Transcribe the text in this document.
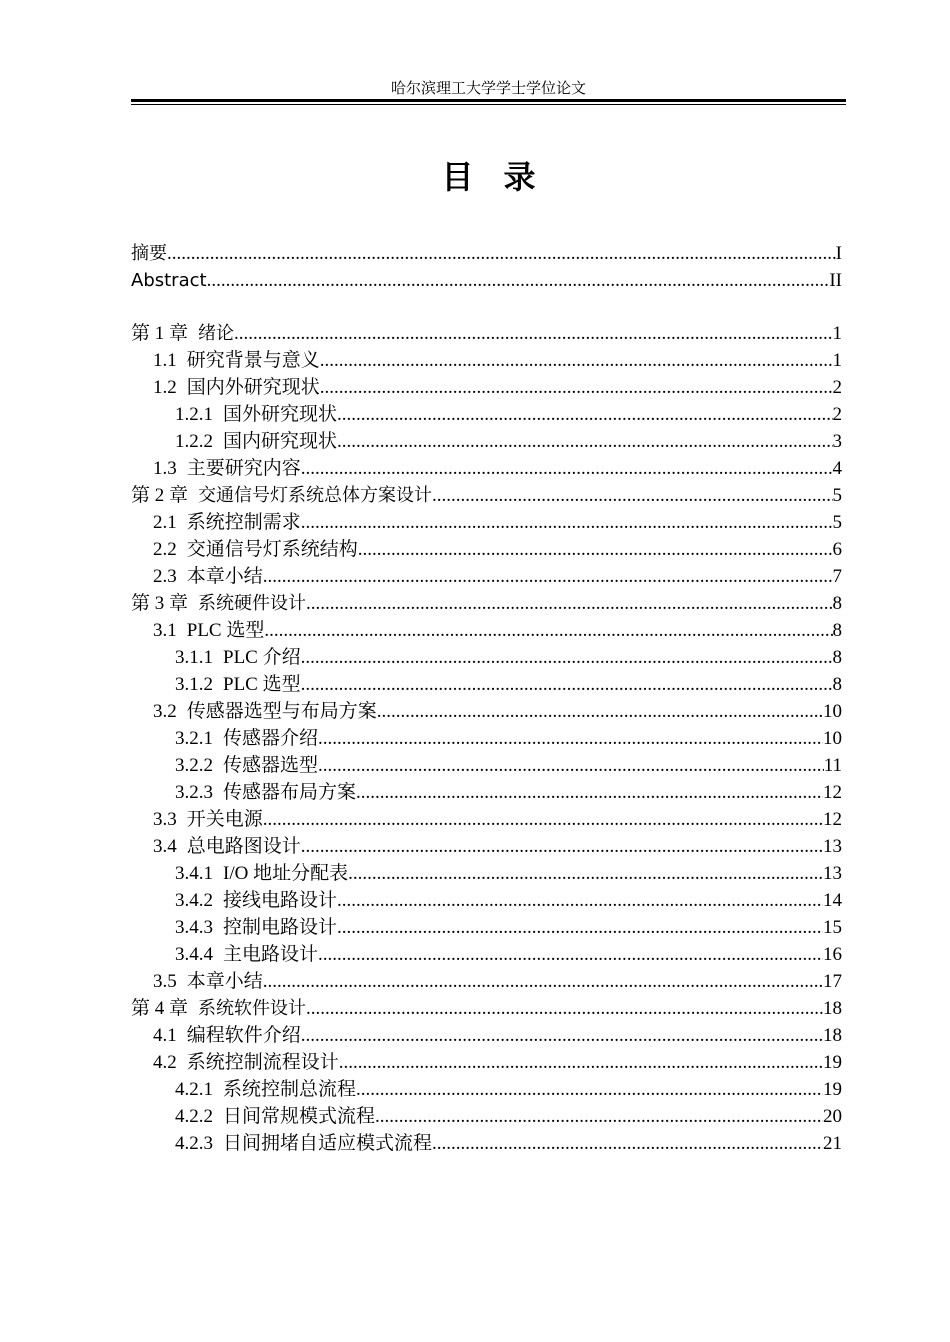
哈尔滨理工大学学士学位论文
目录
摘要 .....	I
Abstract .....	II
第 1 章 绪论 .....	1
1.1 研究背景与意义 .....	1
1.2 国内外研究现状 .....	2
1.2.1 国外研究现状 .....	2
1.2.2 国内研究现状 .....	3
1.3 主要研究内容 .....	4
第 2 章 交通信号灯系统总体方案设计 .....	5
2.1 系统控制需求 .....	5
2.2 交通信号灯系统结构 .....	6
2.3 本章小结 .....	7
第 3 章 系统硬件设计 .....	8
3.1 PLC 选型 .....	8
3.1.1 PLC 介绍 .....	8
3.1.2 PLC 选型 .....	8
3.2 传感器选型与布局方案 .....	10
3.2.1 传感器介绍 .....	10
3.2.2 传感器选型 .....	11
3.2.3 传感器布局方案 .....	12
3.3 开关电源 .....	12
3.4 总电路图设计 .....	13
3.4.1 I/O 地址分配表 .....	13
3.4.2 接线电路设计 .....	14
3.4.3 控制电路设计 .....	15
3.4.4 主电路设计 .....	16
3.5 本章小结 .....	17
第 4 章 系统软件设计 .....	18
4.1 编程软件介绍 .....	18
4.2 系统控制流程设计 .....	19
4.2.1 系统控制总流程 .....	19
4.2.2 日间常规模式流程 .....	20
4.2.3 日间拥堵自适应模式流程 .....	21
